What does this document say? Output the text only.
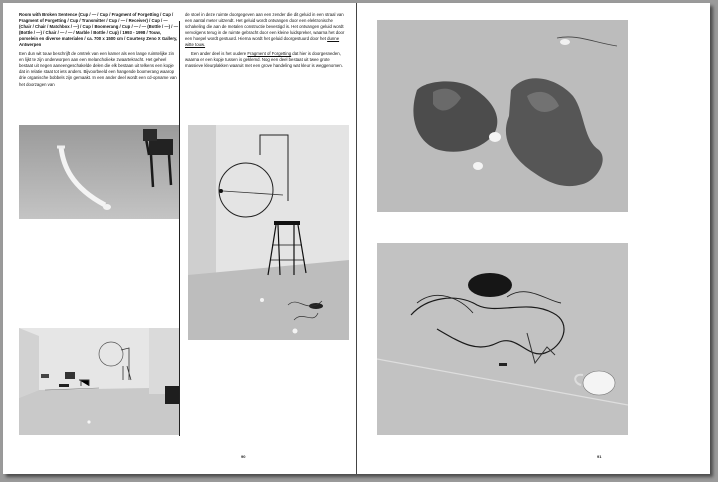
Room with Broken Sentence (Cup / — / Cup / Fragment of Forgetting / Cup / Fragment of Forgetting / Cup / Transmitter / Cup / — / Receiver) / Cup / — (Chair / Chair / Matchbox / —) / Cup / Boomerang / Cup / — / — (Bottle / —) / — (Bottle / —) / Chair / — / — / Marble / Bottle / Cup) / 1993 - 1998 / Touw, porselein en diverse materialen / ca. 700 x 1500 cm / Courtesy Zeno X Gallery, Antwerpen

Een dun wit touw beschrijft de omtrek van een kamer als een lange ruimtelijke zin en lijkt te zijn onderworpen aan een melancholieke zwaartekracht. Het geheel bestaat uit negen aaneengeschakelde delen die elk bestaan uit telkens een kopje dat in relatie staat tot iets anders. Bijvoorbeeld een hangende boomerang waarop drie organische bobbels zijn gemaakt. In een ander deel wordt een cd-opname van het doorzagen van

de stoel in deze ruimte doorgegeven aan een zender die dit geluid in een straal van een aantal meter uitzendt. Het geluid wordt ontvangen door een elektronische schakeling die aan de metalen constructie bevestigd is. Het ontvangen geluid wordt vervolgens terug in de ruimte gebracht door een kleine luidspreker, waarna het door een hoepel wordt gestuurd. Hierna wordt het geluid doorgestuurd door het dunne witte touw.

Een ander deel is het oudere Fragment of Forgetting dat hier is doorgesneden, waarna er een kopje tussen is geklemd. Nog een deel bestaat uit twee grote massieve kleurplakken waaruit met een grove handeling wat kleur is weggenomen.

90	91
